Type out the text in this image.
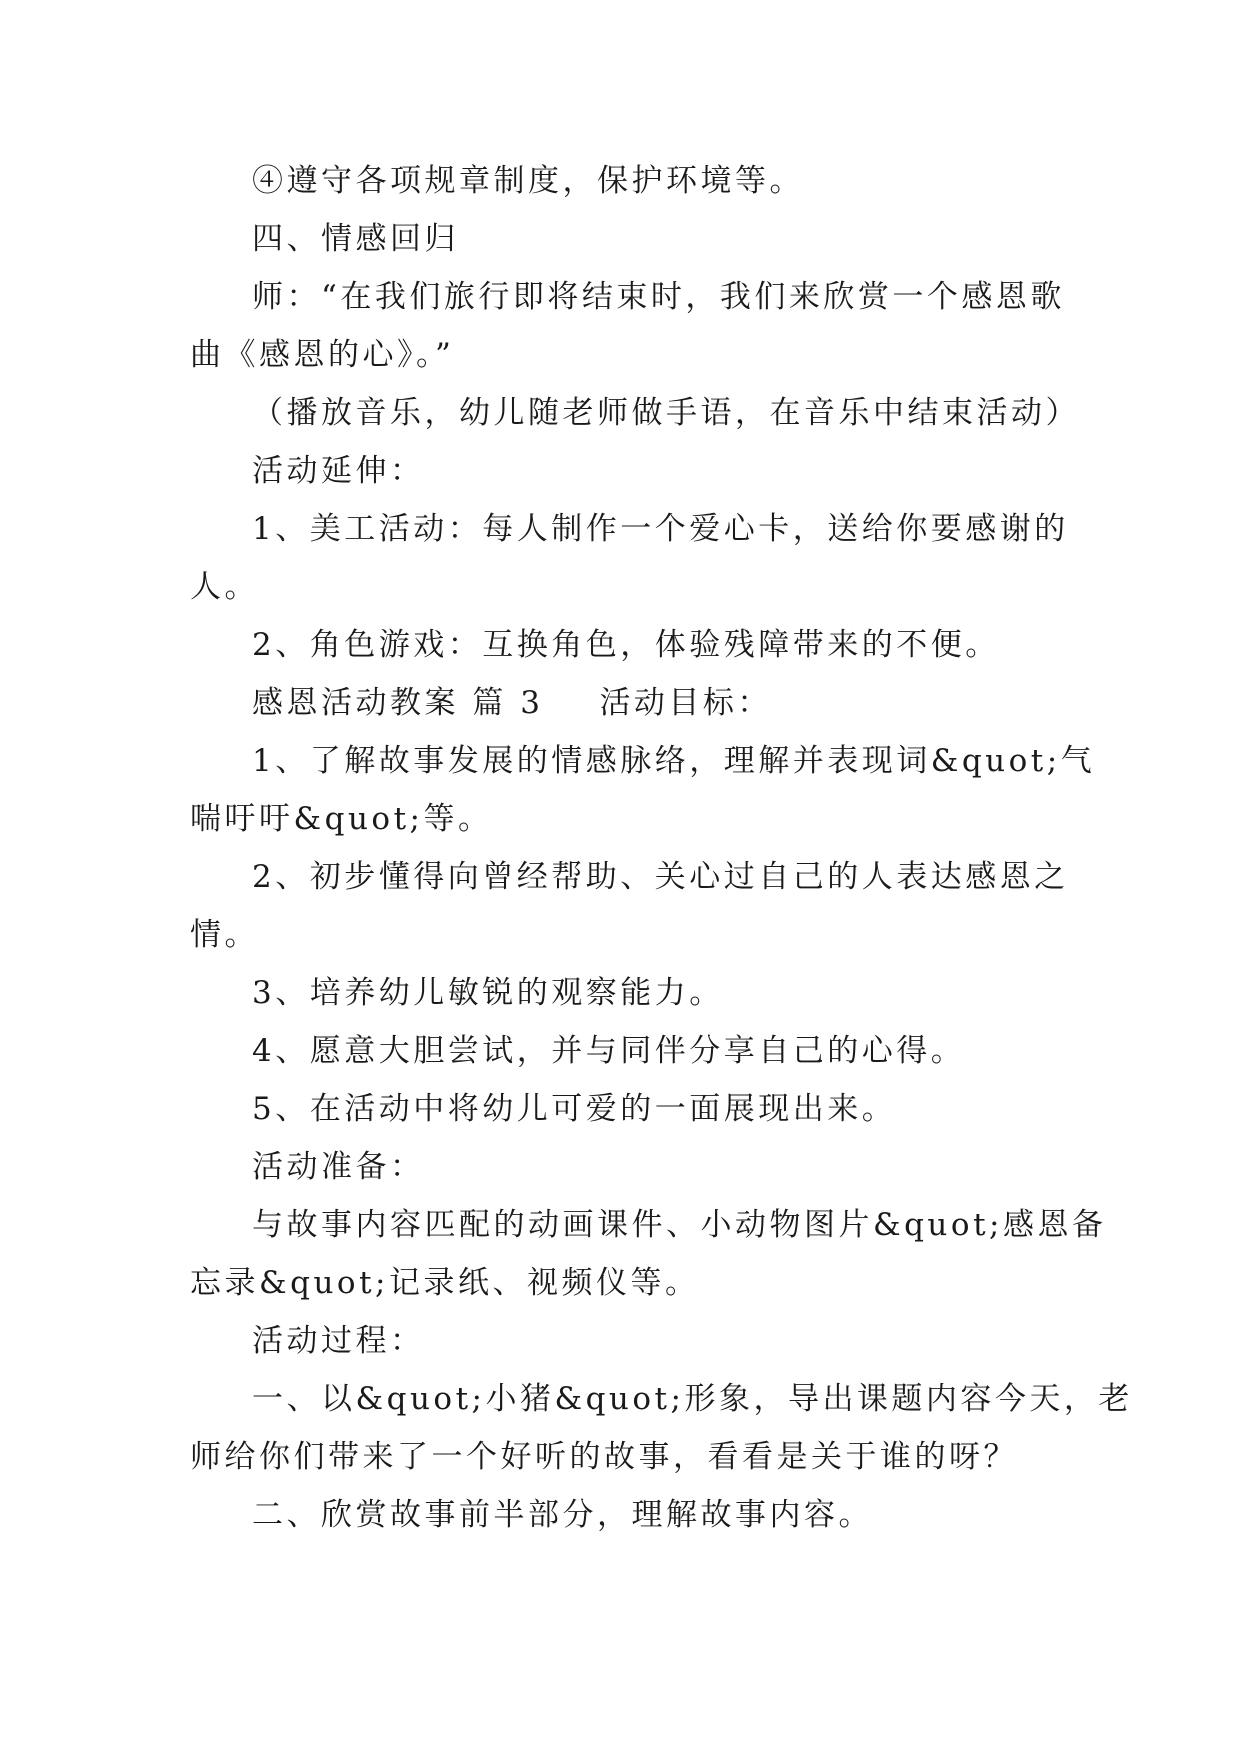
④遵守各项规章制度，保护环境等。

四、情感回归

师：“在我们旅行即将结束时，我们来欣赏一个感恩歌

曲《感恩的心》。”

（播放音乐，幼儿随老师做手语，在音乐中结束活动）

活动延伸：

1、美工活动：每人制作一个爱心卡，送给你要感谢的

人。

2、角色游戏：互换角色，体验残障带来的不便。

感恩活动教案 篇 3 活动目标：

1、了解故事发展的情感脉络，理解并表现词&quot;气

喘吁吁&quot;等。

2、初步懂得向曾经帮助、关心过自己的人表达感恩之

情。

3、培养幼儿敏锐的观察能力。

4、愿意大胆尝试，并与同伴分享自己的心得。

5、在活动中将幼儿可爱的一面展现出来。

活动准备：

与故事内容匹配的动画课件、小动物图片&quot;感恩备

忘录&quot;记录纸、视频仪等。

活动过程：

一、以&quot;小猪&quot;形象，导出课题内容今天，老

师给你们带来了一个好听的故事，看看是关于谁的呀？

二、欣赏故事前半部分，理解故事内容。
